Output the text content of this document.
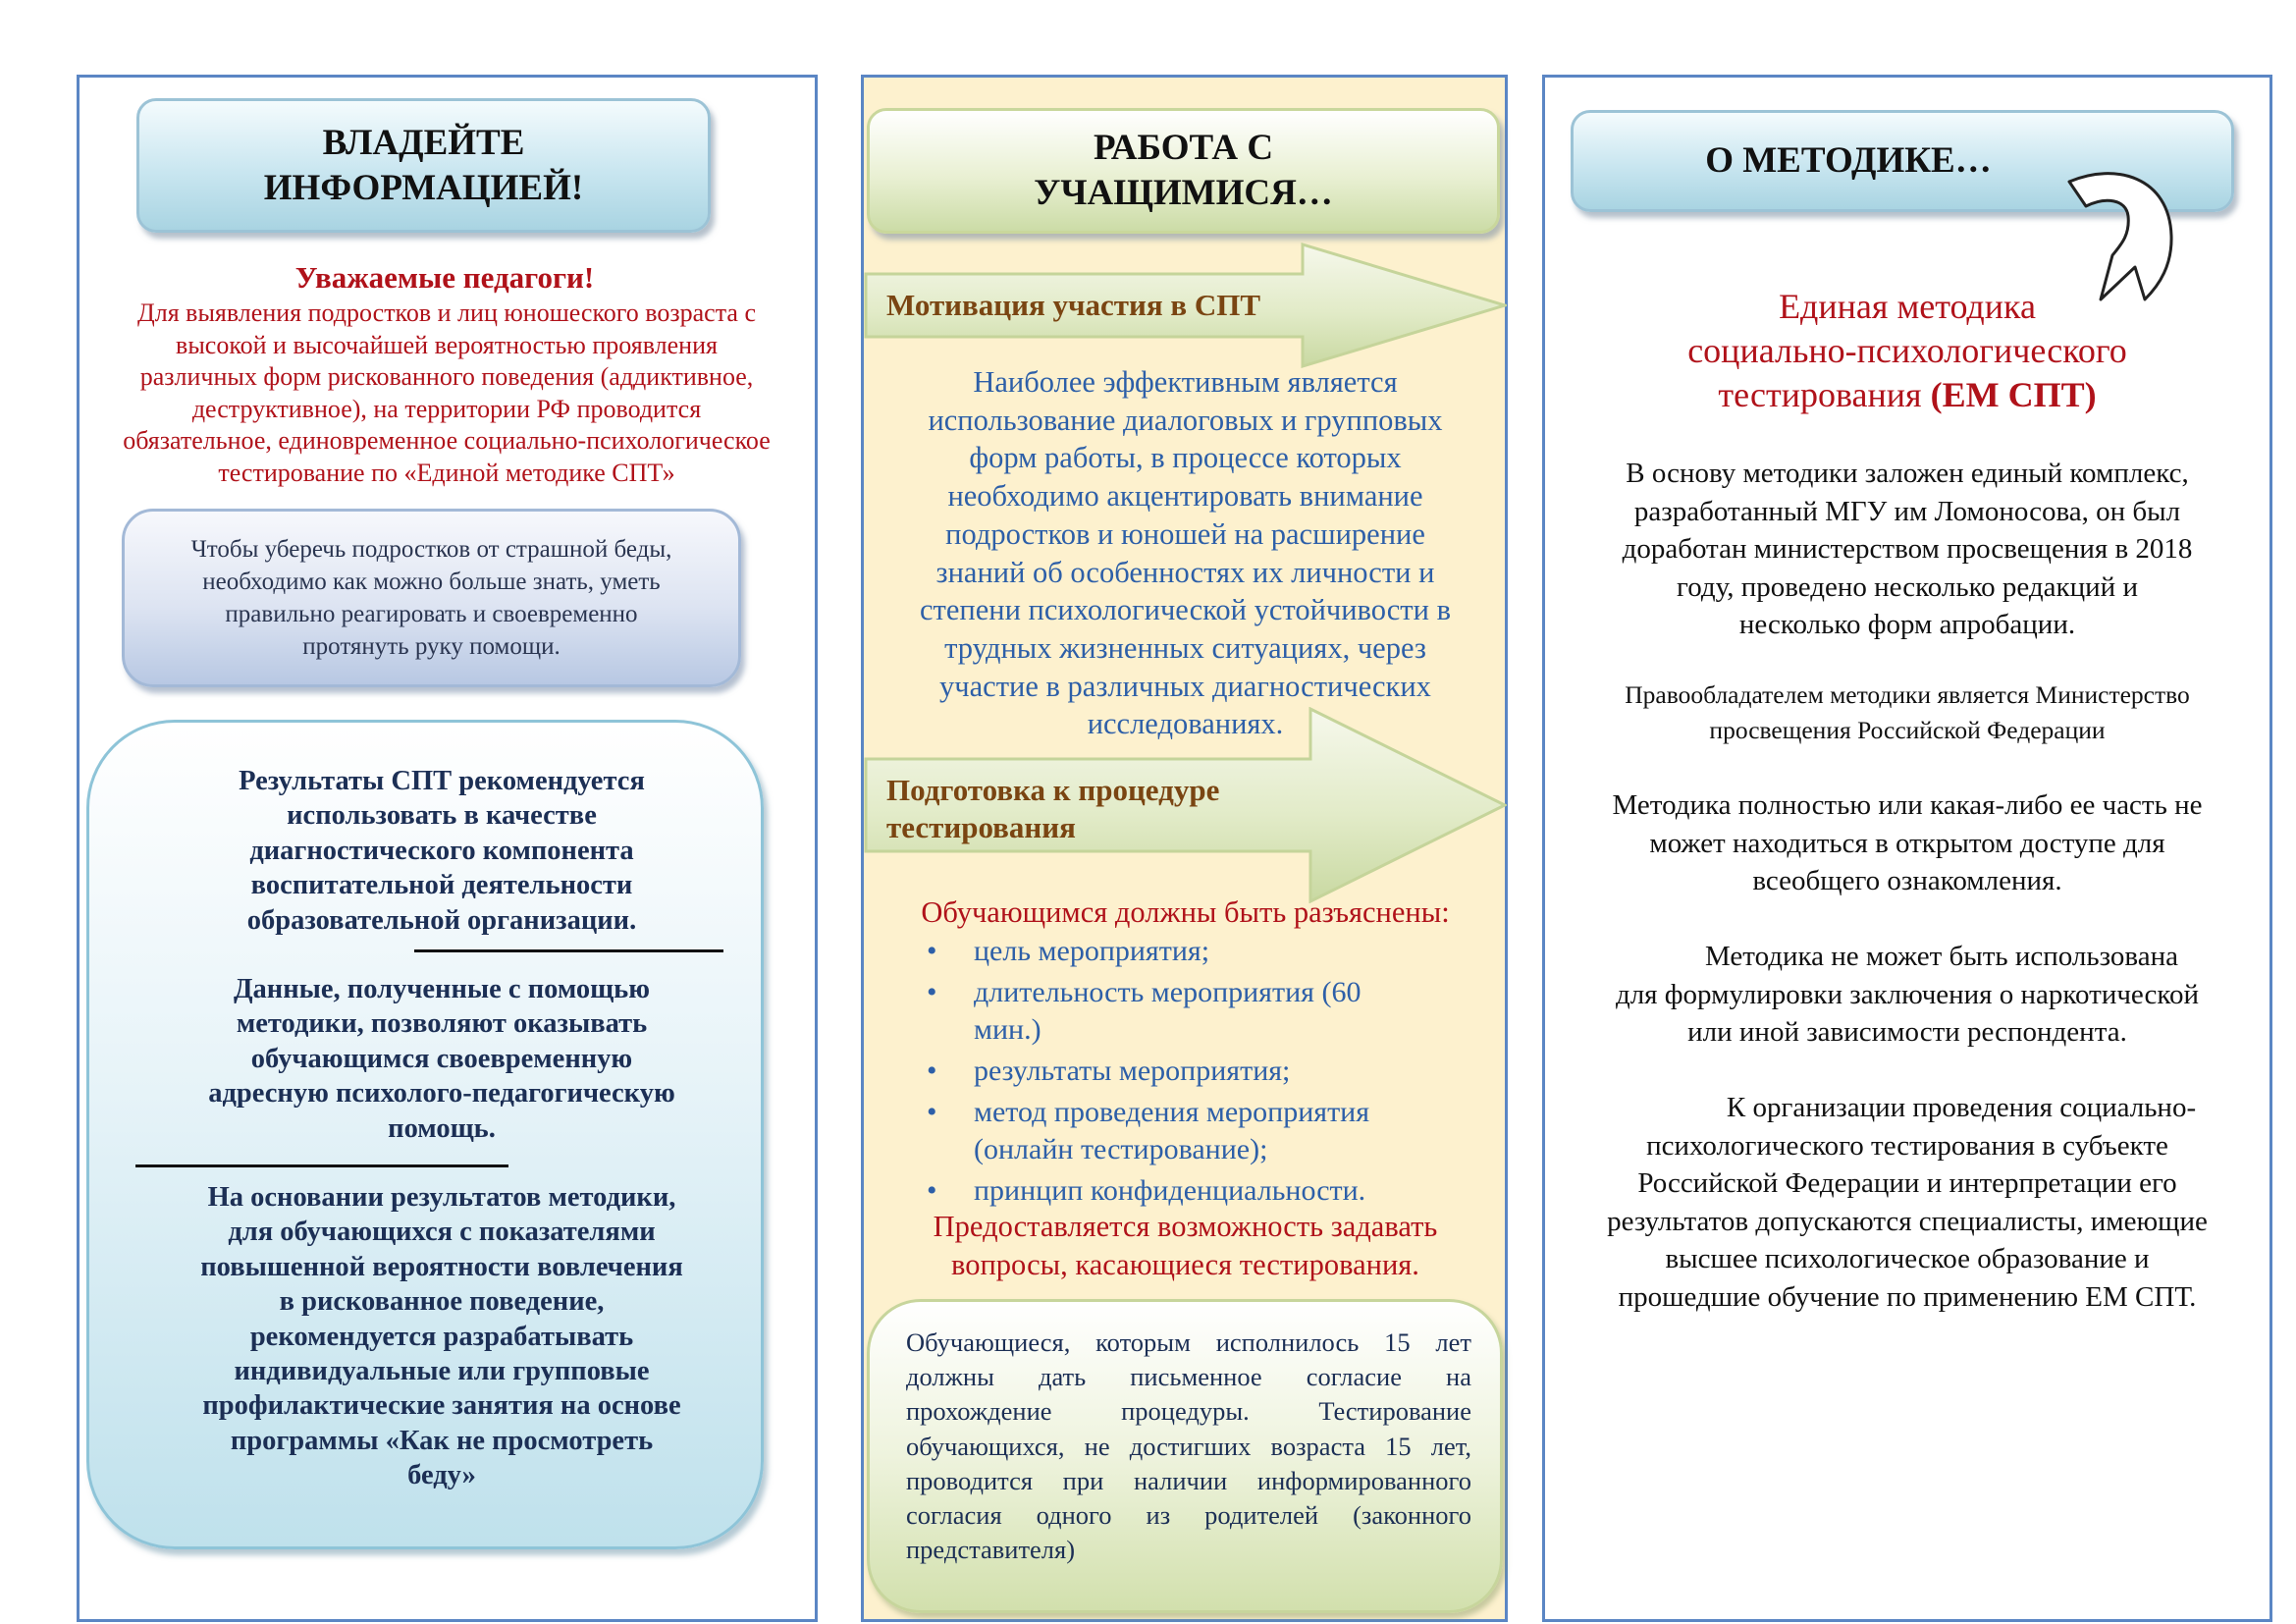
ВЛАДЕЙТЕ ИНФОРМАЦИЕЙ!
Уважаемые педагоги!
Для выявления подростков и лиц юношеского возраста с
высокой и высочайшей вероятностью проявления
различных форм рискованного поведения (аддиктивное,
деструктивное), на территории РФ проводится
обязательное, единовременное социально-психологическое
тестирование по «Единой методике СПТ»
Чтобы уберечь подростков от страшной беды,
необходимо как можно больше знать, уметь
правильно реагировать и своевременно
протянуть руку помощи.
Результаты СПТ рекомендуется
использовать в качестве
диагностического компонента
воспитательной деятельности
образовательной организации.
Данные, полученные с помощью
методики, позволяют оказывать
обучающимся своевременную
адресную психолого-педагогическую
помощь.
На основании результатов методики,
для обучающихся с показателями
повышенной вероятности вовлечения
в рискованное поведение,
рекомендуется разрабатывать
индивидуальные или групповые
профилактические занятия на основе
программы «Как не просмотреть
беду»
РАБОТА С УЧАЩИМИСЯ…
Мотивация участия в СПТ
Наиболее эффективным является
использование диалоговых и групповых
форм работы, в процессе которых
необходимо акцентировать внимание
подростков и юношей на расширение
знаний об особенностях их личности и
степени психологической устойчивости в
трудных жизненных ситуациях, через
участие в различных диагностических
исследованиях.
Подготовка к процедуре тестирования
Обучающимся должны быть разъяснены:
• цель мероприятия;
• длительность мероприятия (60 мин.)
• результаты мероприятия;
• метод проведения мероприятия (онлайн тестирование);
• принцип конфиденциальности.
Предоставляется возможность задавать
вопросы, касающиеся тестирования.
Обучающиеся, которым исполнилось 15 лет должны дать письменное согласие на прохождение процедуры. Тестирование обучающихся, не достигших возраста 15 лет, проводится при наличии информированного согласия одного из родителей (законного представителя)
О МЕТОДИКЕ…
Единая методика
социально-психологического
тестирования (ЕМ СПТ)
В основу методики заложен единый комплекс,
разработанный МГУ им Ломоносова, он был
доработан министерством просвещения в 2018
году, проведено несколько редакций и
несколько форм апробации.
Правообладателем методики является Министерство
просвещения Российской Федерации
Методика полностью или какая-либо ее часть не
может находиться в открытом доступе для
всеобщего ознакомления.
Методика не может быть использована
для формулировки заключения о наркотической
или иной зависимости респондента.
К организации проведения социально-
психологического тестирования в субъекте
Российской Федерации и интерпретации его
результатов допускаются специалисты, имеющие
высшее психологическое образование и
прошедшие обучение по применению ЕМ СПТ.
